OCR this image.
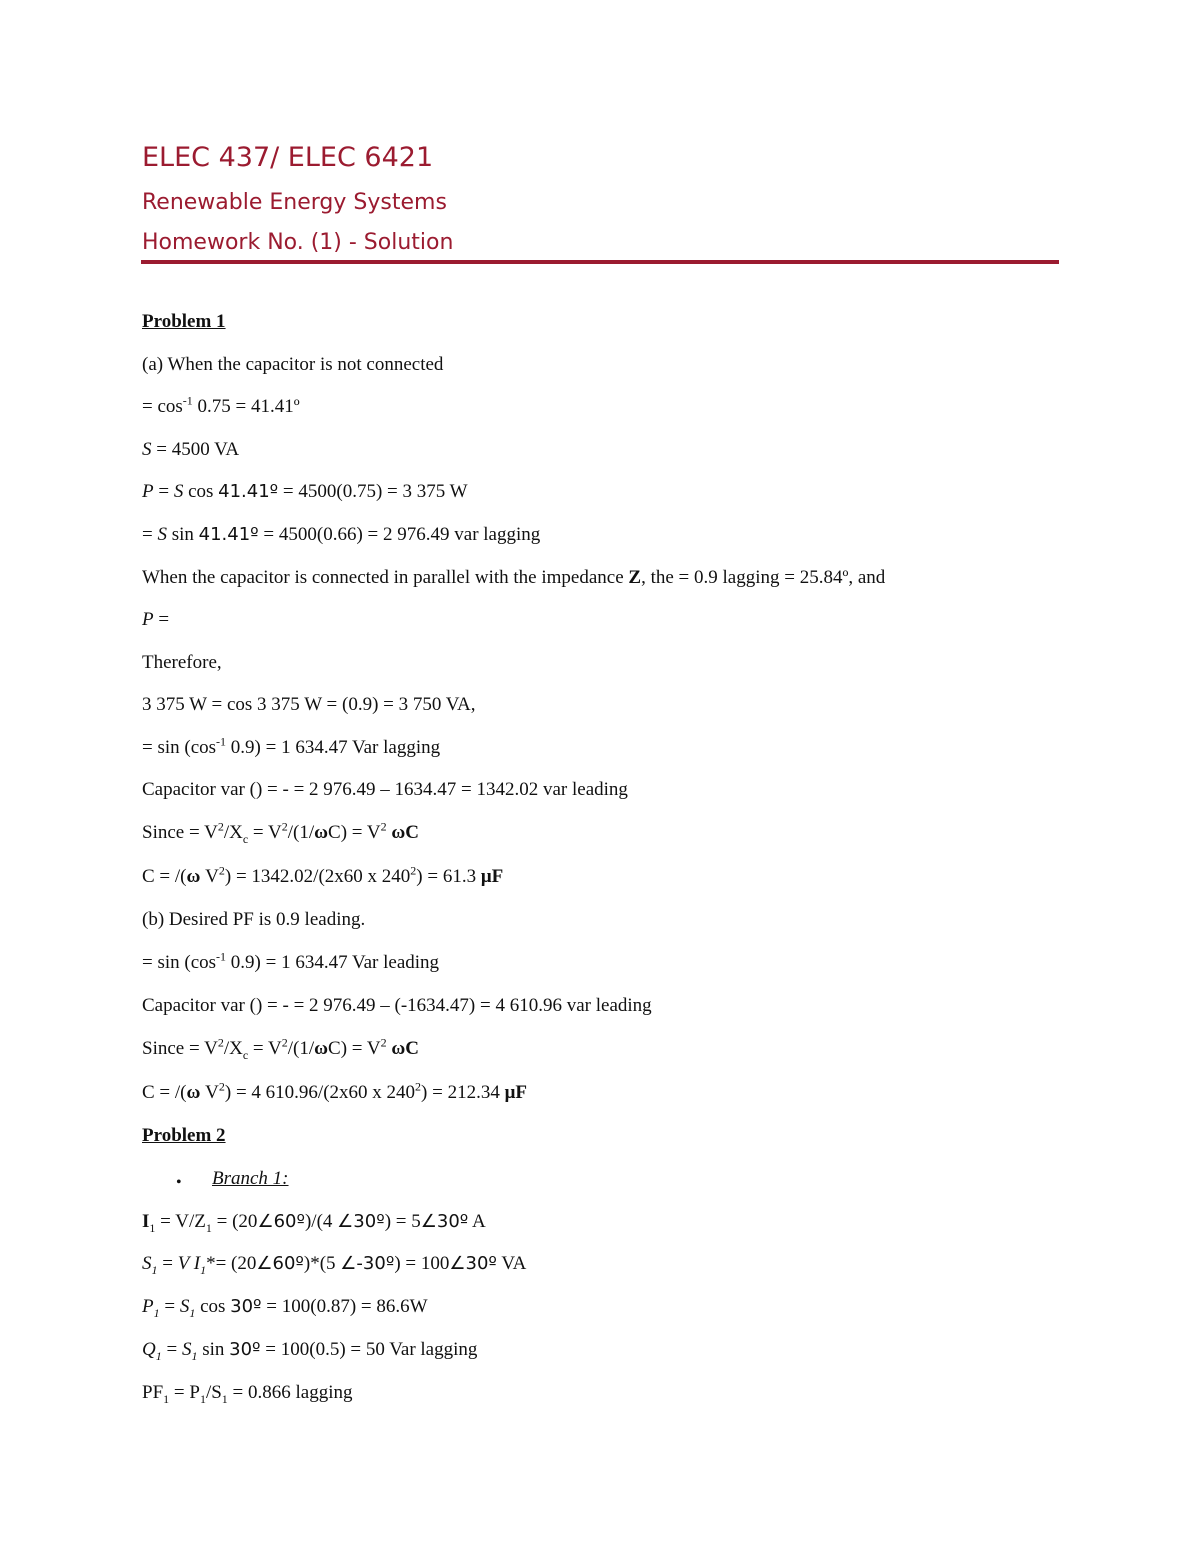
ELEC 437/ ELEC 6421
Renewable Energy Systems
Homework No. (1) - Solution
Problem 1
(a) When the capacitor is not connected
= $\cos^{-1} 0.75$ = 41.41º
S = 4500 VA
P = S cos 41.41º = 4500(0.75) = 3 375 W
= S sin 41.41º = 4500(0.66) = 2 976.49 var lagging
When the capacitor is connected in parallel with the impedance Z, the = 0.9 lagging = 25.84º, and
P =
Therefore,
3 375 W = cos 3 375 W = (0.9) = 3 750 VA,
= $\sin (\cos^{-1}$ 0.9) = 1 634.47 Var lagging
Capacitor var () = - = 2 976.49 – 1634.47 = 1342.02 var leading
Since = $V^2/X_c = V^2/(1/\omega C) = V^2$ ωC
C = /(ω $V^2) = 1342.02/(2x60$ x $240^2) = 61.3$ μF
(b) Desired PF is 0.9 leading.
= $\sin (\cos^{-1}$ 0.9) = 1 634.47 Var leading
Capacitor var () = - = 2 976.49 – (-1634.47) = 4 610.96 var leading
Since = $V^2/X_c = V^2/(1/\omega C) = V^2$ ωC
C = /(ω $V^2) = 4$ 610.96/(2x60 x $240^2) = 212.34$ μF
Problem 2
• Branch 1:
$I_1 = V/Z_1$ = (20∠60º)/(4 ∠30º) = 5∠30º A
$S_1 = V$ $I_1*=$ (20∠60º)*(5 ∠-30º) = 100∠30º VA
$P_1 = S_1$ cos 30º = 100(0.87) = 86.6W
$Q_1 = S_1$ sin 30º = 100(0.5) = 50 Var lagging
$PF_1 = P_1/S_1 = 0.866$ lagging
